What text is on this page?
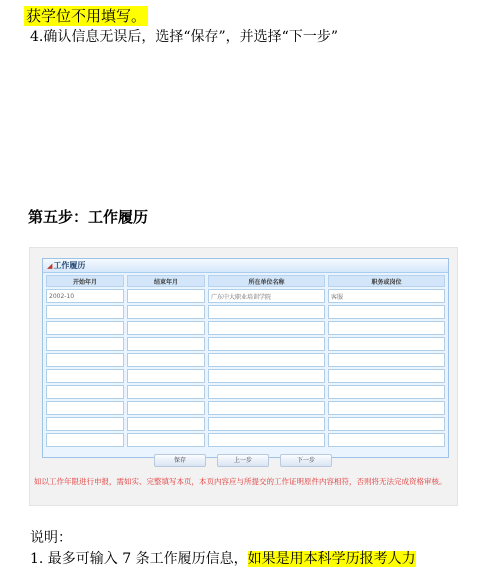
获学位不用填写。
4.确认信息无误后，选择“保存”，并选择“下一步”
第五步：工作履历
◢工作履历
开始年月	结束年月	所在单位名称	职务或岗位
2002-10		广东中大职业培训学院	客服

保存	上一步	下一步
如以工作年限进行申报，需如实、完整填写本页，本页内容应与所提交的工作证明原件内容相符，否则将无法完成资格审核。
说明：
1. 最多可输入 7 条工作履历信息，如果是用本科学历报考人力
